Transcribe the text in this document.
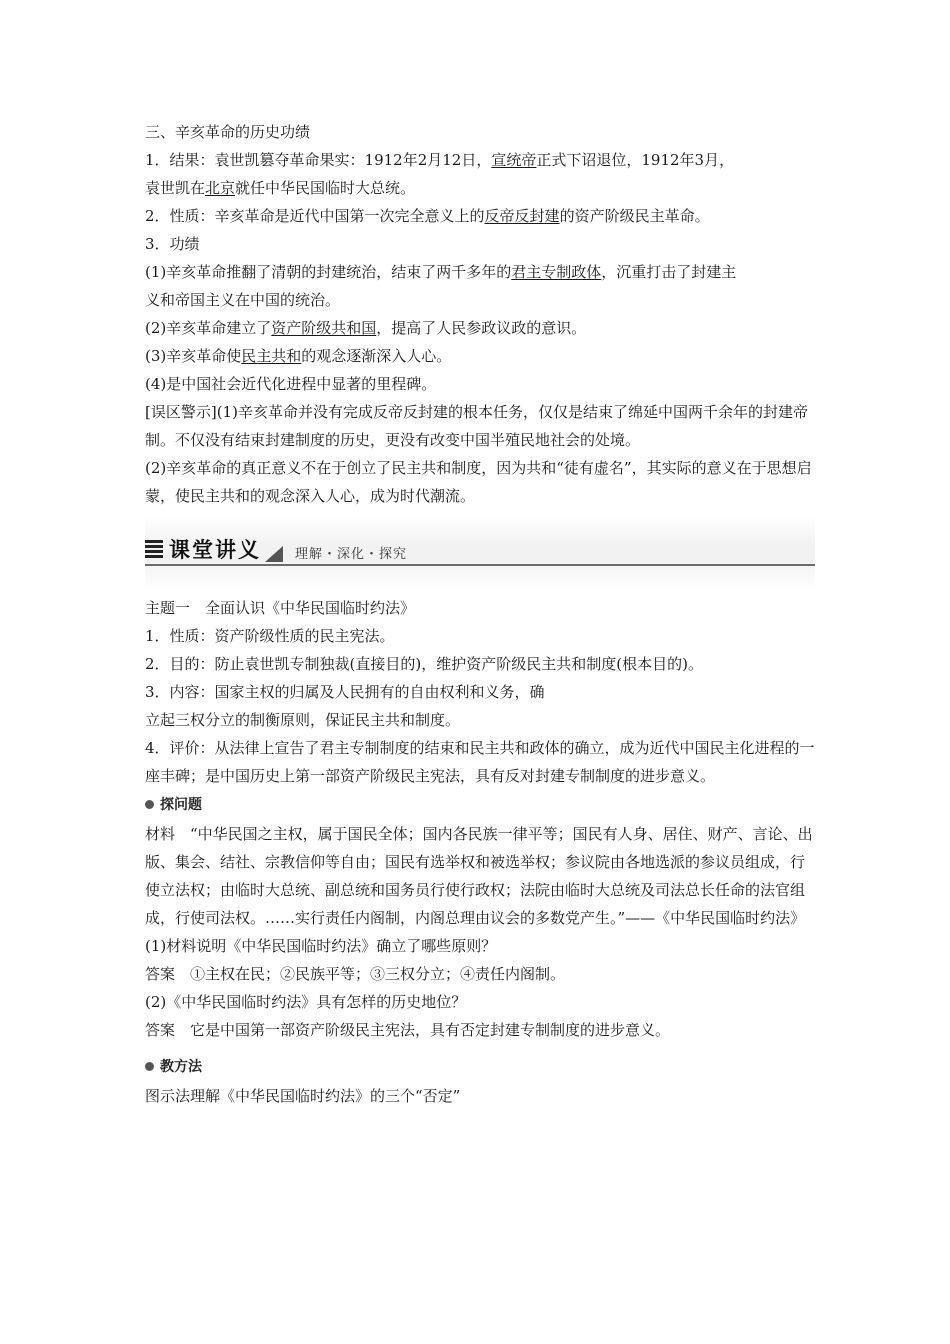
三、辛亥革命的历史功绩
1．结果：袁世凯篡夺革命果实：1912年2月12日，宣统帝正式下诏退位，1912年3月，
袁世凯在北京就任中华民国临时大总统。
2．性质：辛亥革命是近代中国第一次完全意义上的反帝反封建的资产阶级民主革命。
3．功绩
(1)辛亥革命推翻了清朝的封建统治，结束了两千多年的君主专制政体，沉重打击了封建主
义和帝国主义在中国的统治。
(2)辛亥革命建立了资产阶级共和国，提高了人民参政议政的意识。
(3)辛亥革命使民主共和的观念逐渐深入人心。
(4)是中国社会近代化进程中显著的里程碑。
[误区警示](1)辛亥革命并没有完成反帝反封建的根本任务，仅仅是结束了绵延中国两千余年的封建帝制。不仅没有结束封建制度的历史，更没有改变中国半殖民地社会的处境。
(2)辛亥革命的真正意义不在于创立了民主共和制度，因为共和“徒有虚名”，其实际的意义在于思想启蒙，使民主共和的观念深入人心，成为时代潮流。
课堂讲义	理解・深化・探究
主题一　全面认识《中华民国临时约法》
1．性质：资产阶级性质的民主宪法。
2．目的：防止袁世凯专制独裁(直接目的)，维护资产阶级民主共和制度(根本目的)。
3．内容：国家主权的归属及人民拥有的自由权利和义务，确
立起三权分立的制衡原则，保证民主共和制度。
4．评价：从法律上宣告了君主专制制度的结束和民主共和政体的确立，成为近代中国民主化进程的一座丰碑；是中国历史上第一部资产阶级民主宪法，具有反对封建专制制度的进步意义。
探问题
材料　“中华民国之主权，属于国民全体；国内各民族一律平等；国民有人身、居住、财产、言论、出版、集会、结社、宗教信仰等自由；国民有选举权和被选举权；参议院由各地选派的参议员组成，行使立法权；由临时大总统、副总统和国务员行使行政权；法院由临时大总统及司法总长任命的法官组成，行使司法权。……实行责任内阁制，内阁总理由议会的多数党产生。”——《中华民国临时约法》
(1)材料说明《中华民国临时约法》确立了哪些原则？
答案　①主权在民；②民族平等；③三权分立；④责任内阁制。
(2)《中华民国临时约法》具有怎样的历史地位？
答案　它是中国第一部资产阶级民主宪法，具有否定封建专制制度的进步意义。
教方法
图示法理解《中华民国临时约法》的三个“否定”
